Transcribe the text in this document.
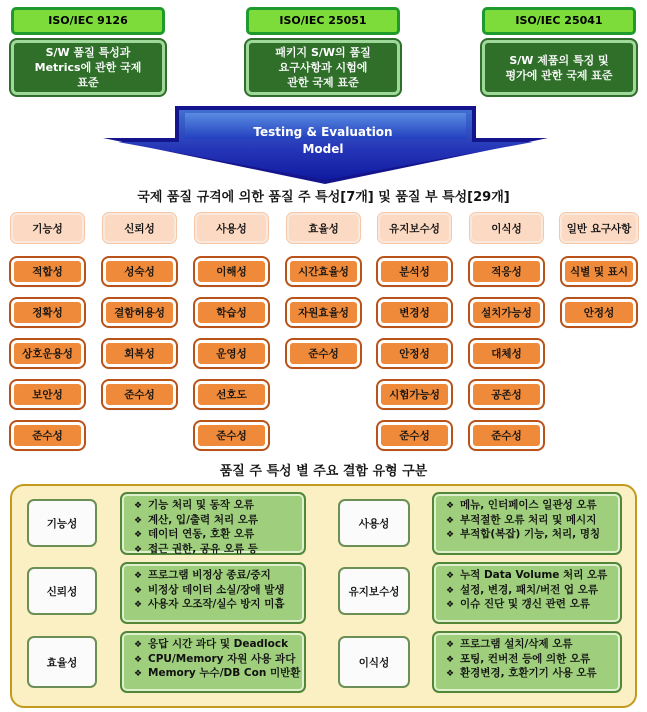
ISO/IEC 9126
S/W 품질 특성과
Metrics에 관한 국제
표준
ISO/IEC 25051
패키지 S/W의 품질
요구사항과 시험에
관한 국제 표준
ISO/IEC 25041
S/W 제품의 특징 및
평가에 관한 국제 표준
Testing & Evaluation
Model
국제 품질 규격에 의한 품질 주 특성[7개] 및 품질 부 특성[29개]
기능성
적합성
정확성
상호운용성
보안성
준수성
신뢰성
성숙성
결함허용성
회복성
준수성
사용성
이해성
학습성
운영성
선호도
준수성
효율성
시간효율성
자원효율성
준수성
유지보수성
분석성
변경성
안정성
시험가능성
준수성
이식성
적응성
설치가능성
대체성
공존성
준수성
일반 요구사항
식별 및 표시
안정성
품질 주 특성 별 주요 결함 유형 구분
기능성
❖ 기능 처리 및 동작 오류
❖ 계산, 입/출력 처리 오류
❖ 데이터 연동, 호환 오류
❖ 접근 권한, 공유 오류 등
사용성
❖ 메뉴, 인터페이스 일관성 오류
❖ 부적절한 오류 처리 및 메시지
❖ 부적합(복잡) 기능, 처리, 명칭
신뢰성
❖ 프로그램 비정상 종료/중지
❖ 비정상 데이터 소실/장애 발생
❖ 사용자 오조작/실수 방지 미흡
유지보수성
❖ 누적 Data Volume 처리 오류
❖ 설정, 변경, 패치/버전 업 오류
❖ 이슈 진단 및 갱신 관련 오류
효율성
❖ 응답 시간 과다 및 Deadlock
❖ CPU/Memory 자원 사용 과다
❖ Memory 누수/DB Con 미반환
이식성
❖ 프로그램 설치/삭제 오류
❖ 포팅, 컨버전 등에 의한 오류
❖ 환경변경, 호환기기 사용 오류
